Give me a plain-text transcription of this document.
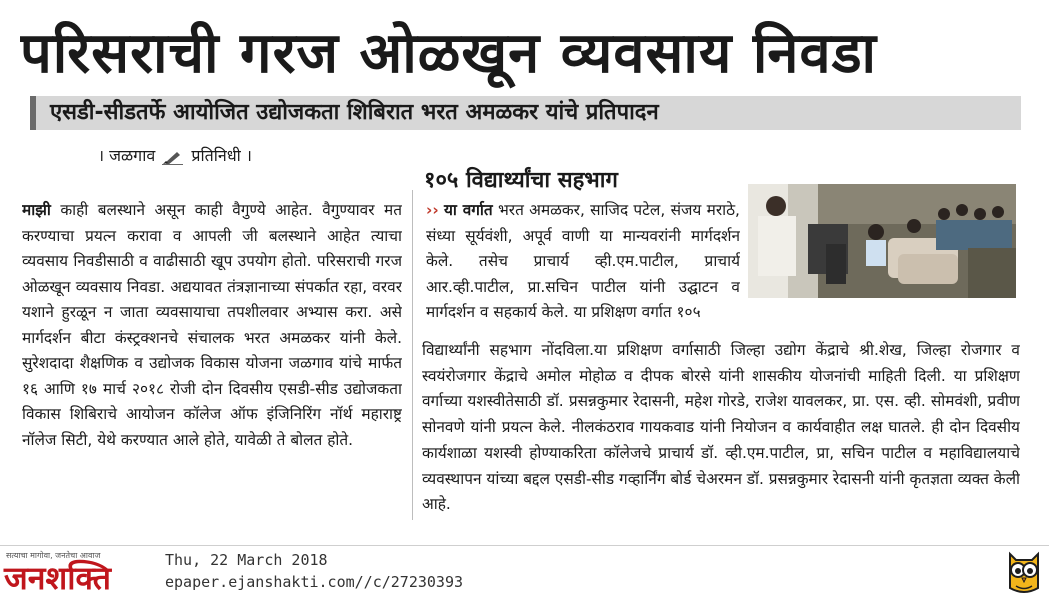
परिसराची गरज ओळखून व्यवसाय निवडा
एसडी-सीडतर्फे आयोजित उद्योजकता शिबिरात भरत अमळकर यांचे प्रतिपादन
। जळगाव प्रतिनिधी ।
माझी काही बलस्थाने असून काही वैगुण्ये आहेत. वैगुण्यावर मत करण्याचा प्रयत्न करावा व आपली जी बलस्थाने आहेत त्याचा व्यवसाय निवडीसाठी व वाढीसाठी खूप उपयोग होतो. परिसराची गरज ओळखून व्यवसाय निवडा. अद्ययावत तंत्रज्ञानाच्या संपर्कात रहा, वरवर यशाने हुरळून न जाता व्यवसायाचा तपशीलवार अभ्यास करा. असे मार्गदर्शन बीटा कंस्ट्रक्शनचे संचालक भरत अमळकर यांनी केले. सुरेशदादा शैक्षणिक व उद्योजक विकास योजना जळगाव यांचे मार्फत १६ आणि १७ मार्च २०१८ रोजी दोन दिवसीय एसडी-सीड उद्योजकता विकास शिबिराचे आयोजन कॉलेज ऑफ इंजिनिरिंग नॉर्थ महाराष्ट्र नॉलेज सिटी, येथे करण्यात आले होते, यावेळी ते बोलत होते.
१०५ विद्यार्थ्यांचा सहभाग
›› या वर्गात भरत अमळकर, साजिद पटेल, संजय मराठे, संध्या सूर्यवंशी, अपूर्व वाणी या मान्यवरांनी मार्गदर्शन केले. तसेच प्राचार्य व्ही.एम.पाटील, प्राचार्य आर.व्ही.पाटील, प्रा.सचिन पाटील यांनी उद्घाटन व मार्गदर्शन व सहकार्य केले. या प्रशिक्षण वर्गात १०५
विद्यार्थ्यांनी सहभाग नोंदविला.या प्रशिक्षण वर्गासाठी जिल्हा उद्योग केंद्राचे श्री.शेख, जिल्हा रोजगार व स्वयंरोजगार केंद्राचे अमोल मोहोळ व दीपक बोरसे यांनी शासकीय योजनांची माहिती दिली. या प्रशिक्षण वर्गाच्या यशस्वीतेसाठी डॉ. प्रसन्नकुमार रेदासनी, महेश गोरडे, राजेश यावलकर, प्रा. एस. व्ही. सोमवंशी, प्रवीण सोनवणे यांनी प्रयत्न केले. नीलकंठराव गायकवाड यांनी नियोजन व कार्यवाहीत लक्ष घातले. ही दोन दिवसीय कार्यशाळा यशस्वी होण्याकरिता कॉलेजचे प्राचार्य डॉ. व्ही.एम.पाटील, प्रा, सचिन पाटील व महाविद्यालयाचे व्यवस्थापन यांच्या बद्दल एसडी-सीड गव्हार्निंग बोर्ड चेअरमन डॉ. प्रसन्नकुमार रेदासनी यांनी कृतज्ञता व्यक्त केली आहे.
सत्याचा मागोवा, जनतेचा आवाज
जनशक्ति	Thu, 22 March 2018
epaper.ejanshakti.com//c/27230393
